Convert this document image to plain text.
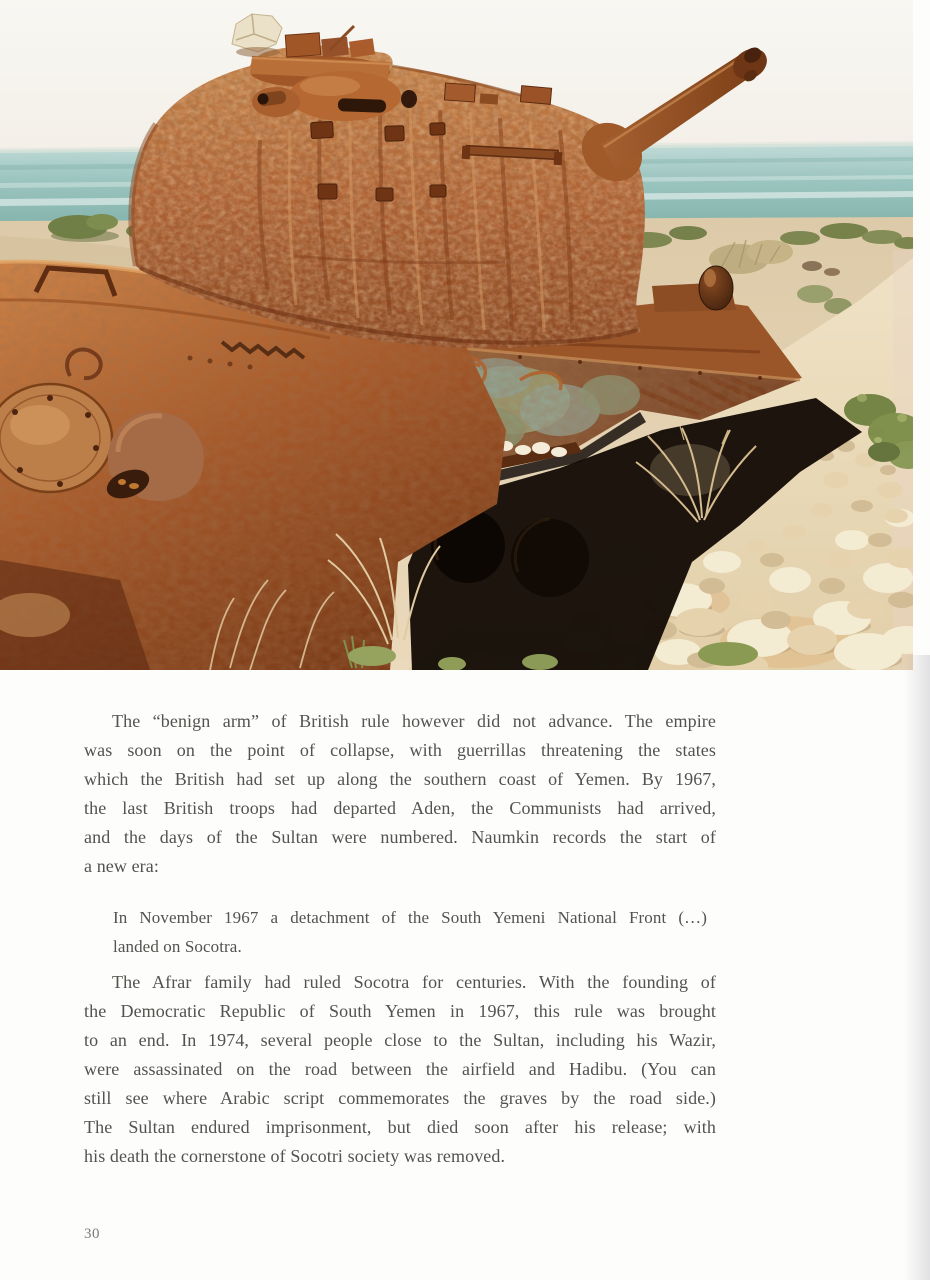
The “benign arm” of British rule however did not advance. The empire
was soon on the point of collapse, with guerrillas threatening the states
which the British had set up along the southern coast of Yemen. By 1967,
the last British troops had departed Aden, the Communists had arrived,
and the days of the Sultan were numbered. Naumkin records the start of
a new era:

In November 1967 a detachment of the South Yemeni National Front (…)
landed on Socotra.

The Afrar family had ruled Socotra for centuries. With the founding of
the Democratic Republic of South Yemen in 1967, this rule was brought
to an end. In 1974, several people close to the Sultan, including his Wazir,
were assassinated on the road between the airfield and Hadibu. (You can
still see where Arabic script commemorates the graves by the road side.)
The Sultan endured imprisonment, but died soon after his release; with
his death the cornerstone of Socotri society was removed.

30
